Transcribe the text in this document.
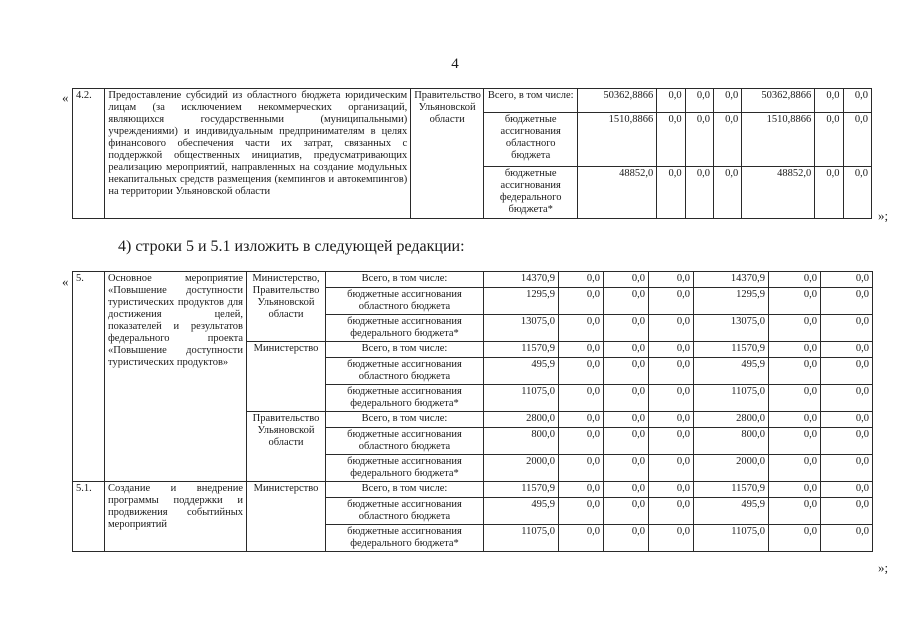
4
« 4.2.	Предоставление субсидий из областного бюджета юридическим лицам (за исключением некоммерческих организаций, являющихся государственными (муниципальными) учреждениями) и индивидуальным предпринимателям в целях финансового обеспечения части их затрат, связанных с поддержкой общественных инициатив, предусматривающих реализацию мероприятий, направленных на создание модульных некапитальных средств размещения (кемпингов и автокемпингов) на территории Ульяновской области	Правительство Ульяновской области	Всего, в том числе:	50362,8866	0,0	0,0	0,0	50362,8866	0,0	0,0
			бюджетные ассигнования областного бюджета	1510,8866	0,0	0,0	0,0	1510,8866	0,0	0,0
			бюджетные ассигнования федерального бюджета*	48852,0	0,0	0,0	0,0	48852,0	0,0	0,0
»;
4) строки 5 и 5.1 изложить в следующей редакции:
« 5.	Основное мероприятие «Повышение доступности туристических продуктов для достижения целей, показателей и результатов федерального проекта «Повышение доступности туристических продуктов»	Министерство, Правительство Ульяновской области	Всего, в том числе:	14370,9	0,0	0,0	0,0	14370,9	0,0	0,0
			бюджетные ассигнования областного бюджета	1295,9	0,0	0,0	0,0	1295,9	0,0	0,0
			бюджетные ассигнования федерального бюджета*	13075,0	0,0	0,0	0,0	13075,0	0,0	0,0
		Министерство	Всего, в том числе:	11570,9	0,0	0,0	0,0	11570,9	0,0	0,0
			бюджетные ассигнования областного бюджета	495,9	0,0	0,0	0,0	495,9	0,0	0,0
			бюджетные ассигнования федерального бюджета*	11075,0	0,0	0,0	0,0	11075,0	0,0	0,0
		Правительство Ульяновской области	Всего, в том числе:	2800,0	0,0	0,0	0,0	2800,0	0,0	0,0
			бюджетные ассигнования областного бюджета	800,0	0,0	0,0	0,0	800,0	0,0	0,0
			бюджетные ассигнования федерального бюджета*	2000,0	0,0	0,0	0,0	2000,0	0,0	0,0
5.1.	Создание и внедрение программы поддержки и продвижения событийных мероприятий	Министерство	Всего, в том числе:	11570,9	0,0	0,0	0,0	11570,9	0,0	0,0
			бюджетные ассигнования областного бюджета	495,9	0,0	0,0	0,0	495,9	0,0	0,0
			бюджетные ассигнования федерального бюджета*	11075,0	0,0	0,0	0,0	11075,0	0,0	0,0
»;
